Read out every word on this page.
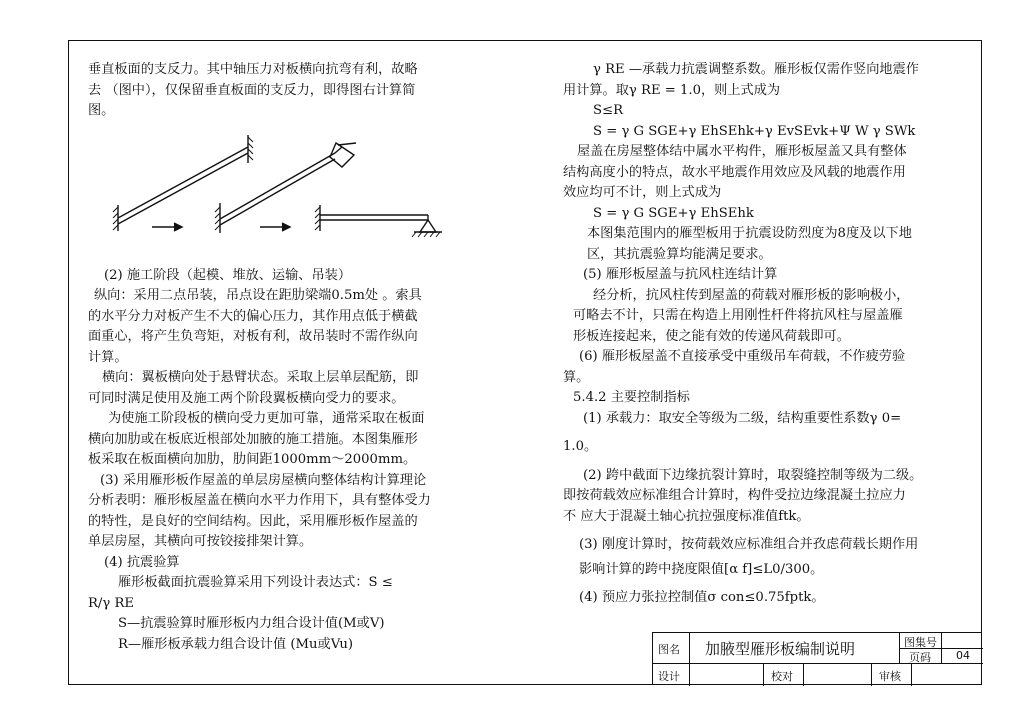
垂直板面的支反力。其中轴压力对板横向抗弯有利，故略

去 （图中），仅保留垂直板面的支反力，即得图右计算简

图。

(2) 施工阶段（起模、堆放、运输、吊装）

纵向：采用二点吊装，吊点设在距肋梁端0.5m处 。索具

的水平分力对板产生不大的偏心压力，其作用点低于横截

面重心，将产生负弯矩，对板有利，故吊装时不需作纵向

计算。

横向：翼板横向处于悬臂状态。采取上层单层配筋，即

可同时满足使用及施工两个阶段翼板横向受力的要求。

为使施工阶段板的横向受力更加可靠，通常采取在板面

横向加肋或在板底近根部处加腋的施工措施。本图集雁形

板采取在板面横向加肋，肋间距1000mm～2000mm。

(3) 采用雁形板作屋盖的单层房屋横向整体结构计算理论

分析表明：雁形板屋盖在横向水平力作用下，具有整体受力

的特性，是良好的空间结构。因此，采用雁形板作屋盖的

单层房屋，其横向可按铰接排架计算。

(4) 抗震验算

雁形板截面抗震验算采用下列设计表达式：S ≤

R/γ RE

S—抗震验算时雁形板内力组合设计值(M或V)

R—雁形板承载力组合设计值 (Mu或Vu)

γ RE —承载力抗震调整系数。雁形板仅需作竖向地震作

用计算。取γ RE = 1.0，则上式成为

S≤R

S = γ G SGE+γ EhSEhk+γ EvSEvk+Ψ W γ SWk

屋盖在房屋整体结中属水平构件，雁形板屋盖又具有整体

结构高度小的特点，故水平地震作用效应及风载的地震作用

效应均可不计，则上式成为

S = γ G SGE+γ EhSEhk

本图集范围内的雁型板用于抗震设防烈度为8度及以下地

区，其抗震验算均能满足要求。

(5) 雁形板屋盖与抗风柱连结计算

经分析，抗风柱传到屋盖的荷载对雁形板的影响极小，

可略去不计，只需在构造上用刚性杆件将抗风柱与屋盖雁

形板连接起来，使之能有效的传递风荷载即可。

(6) 雁形板屋盖不直接承受中重级吊车荷载，不作疲劳验

算。

5.4.2 主要控制指标

(1) 承载力：取安全等级为二级，结构重要性系数γ 0=

1.0。

(2) 跨中截面下边缘抗裂计算时，取裂缝控制等级为二级。

即按荷载效应标准组合计算时，构件受拉边缘混凝土拉应力

不 应大于混凝土轴心抗拉强度标准值ftk。

(3) 刚度计算时，按荷载效应标准组合并孜虑荷载长期作用

影响计算的跨中挠度限值[α f]≤L0/300。

(4) 预应力张拉控制值σ con≤0.75fptk。

图名 加腋型雁形板编制说明	图集号
页码 04
设计	校对	审核
